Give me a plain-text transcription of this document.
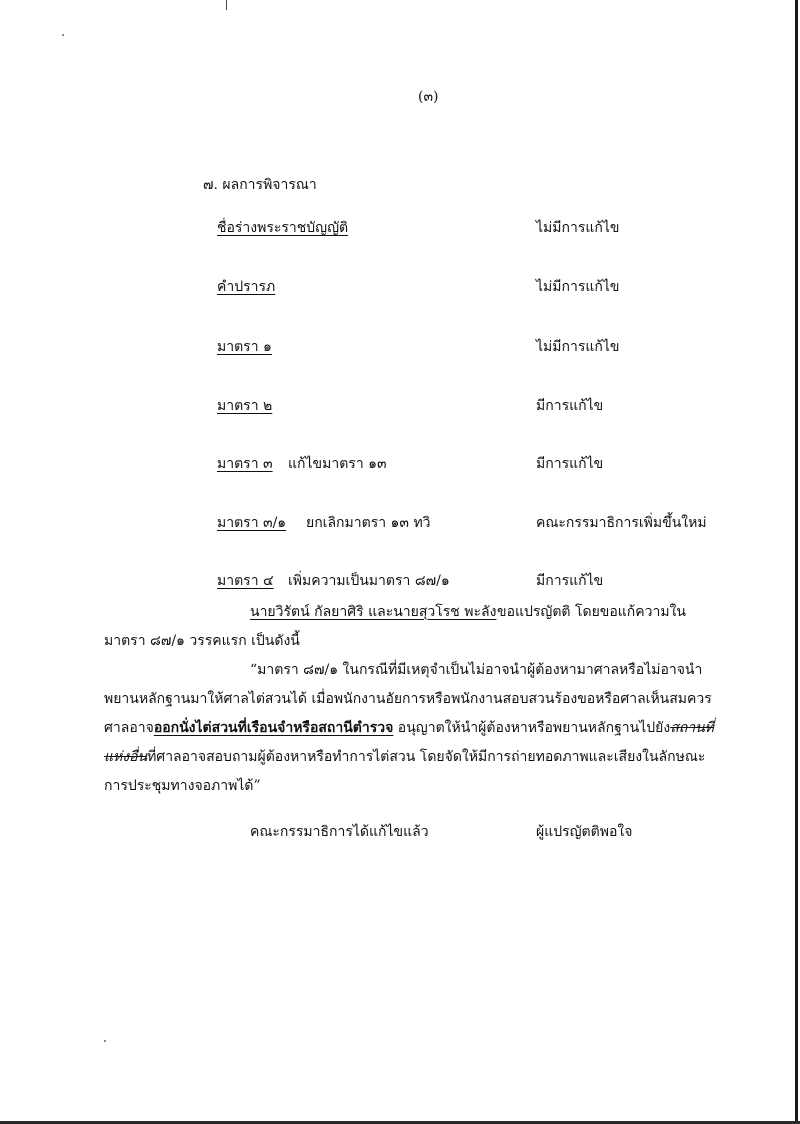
(๓)
๗. ผลการพิจารณา
ชื่อร่างพระราชบัญญัติ	ไม่มีการแก้ไข
คำปรารภ	ไม่มีการแก้ไข
มาตรา ๑	ไม่มีการแก้ไข
มาตรา ๒	มีการแก้ไข
มาตรา ๓ แก้ไขมาตรา ๑๓	มีการแก้ไข
มาตรา ๓/๑ ยกเลิกมาตรา ๑๓ ทวิ	คณะกรรมาธิการเพิ่มขึ้นใหม่
มาตรา ๔ เพิ่มความเป็นมาตรา ๘๗/๑	มีการแก้ไข
นายวิรัตน์ กัลยาศิริ และนายสุวโรช พะลัง ขอแปรญัตติ โดยขอแก้ความใน
มาตรา ๘๗/๑ วรรคแรก เป็นดังนี้
“มาตรา ๘๗/๑ ในกรณีที่มีเหตุจำเป็นไม่อาจนำผู้ต้องหามาศาลหรือไม่อาจนำ
พยานหลักฐานมาให้ศาลไต่สวนได้ เมื่อพนักงานอัยการหรือพนักงานสอบสวนร้องขอหรือศาลเห็นสมควร
ศาลอาจออกนั่งไต่สวนที่เรือนจำหรือสถานีตำรวจ อนุญาตให้นำผู้ต้องหาหรือพยานหลักฐานไปยังสถานที่
แห่งอื่นที่ศาลอาจสอบถามผู้ต้องหาหรือทำการไต่สวน โดยจัดให้มีการถ่ายทอดภาพและเสียงในลักษณะ
การประชุมทางจอภาพได้”
คณะกรรมาธิการได้แก้ไขแล้ว	ผู้แปรญัตติพอใจ
